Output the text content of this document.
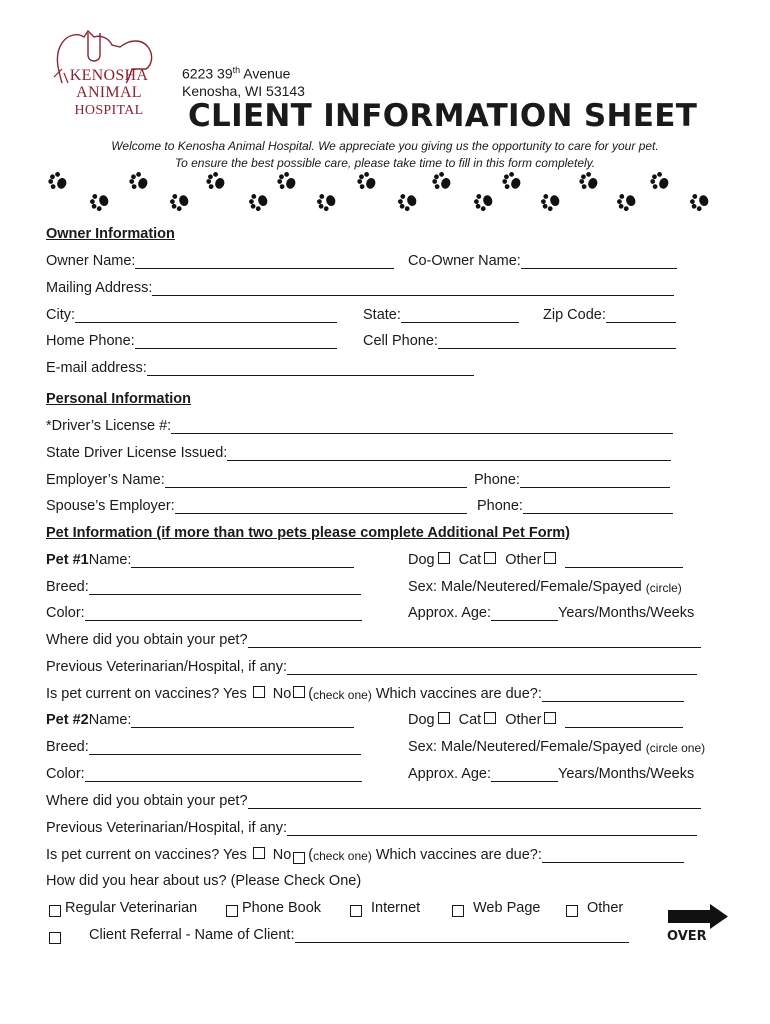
KENOSHA
ANIMAL
HOSPITAL
6223 39th Avenue
Kenosha, WI 53143
CLIENT INFORMATION SHEET
Welcome to Kenosha Animal Hospital. We appreciate you giving us the opportunity to care for your pet.
To ensure the best possible care, please take time to fill in this form completely.
Owner Information
Owner Name:	Co-Owner Name:
Mailing Address:
City:	State:	Zip Code:
Home Phone:	Cell Phone:
E-mail address:
Personal Information
*Driver’s License #:
State Driver License Issued:
Employer’s Name:	Phone:
Spouse’s Employer:	Phone:
Pet Information (if more than two pets please complete Additional Pet Form)
Pet #1 Name:	Dog Cat Other
Breed:	Sex: Male/Neutered/Female/Spayed
(circle)
Color:	Approx. Age:	Years/Months/Weeks
Where did you obtain your pet?
Previous Veterinarian/Hospital, if any:
Is pet current on vaccines? Yes No ( check one)
Which vaccines are due?:
Pet #2 Name:	Dog Cat Other
Breed:	Sex: Male/Neutered/Female/Spayed
(circle one)
Color:	Approx. Age:	Years/Months/Weeks
Where did you obtain your pet?
Previous Veterinarian/Hospital, if any:
Is pet current on vaccines? Yes No ( check one)
Which vaccines are due?:
How did you hear about us? (Please Check One)
Regular Veterinarian	Phone Book	Internet	Web Page	Other
Client Referral - Name of Client:	OVER
